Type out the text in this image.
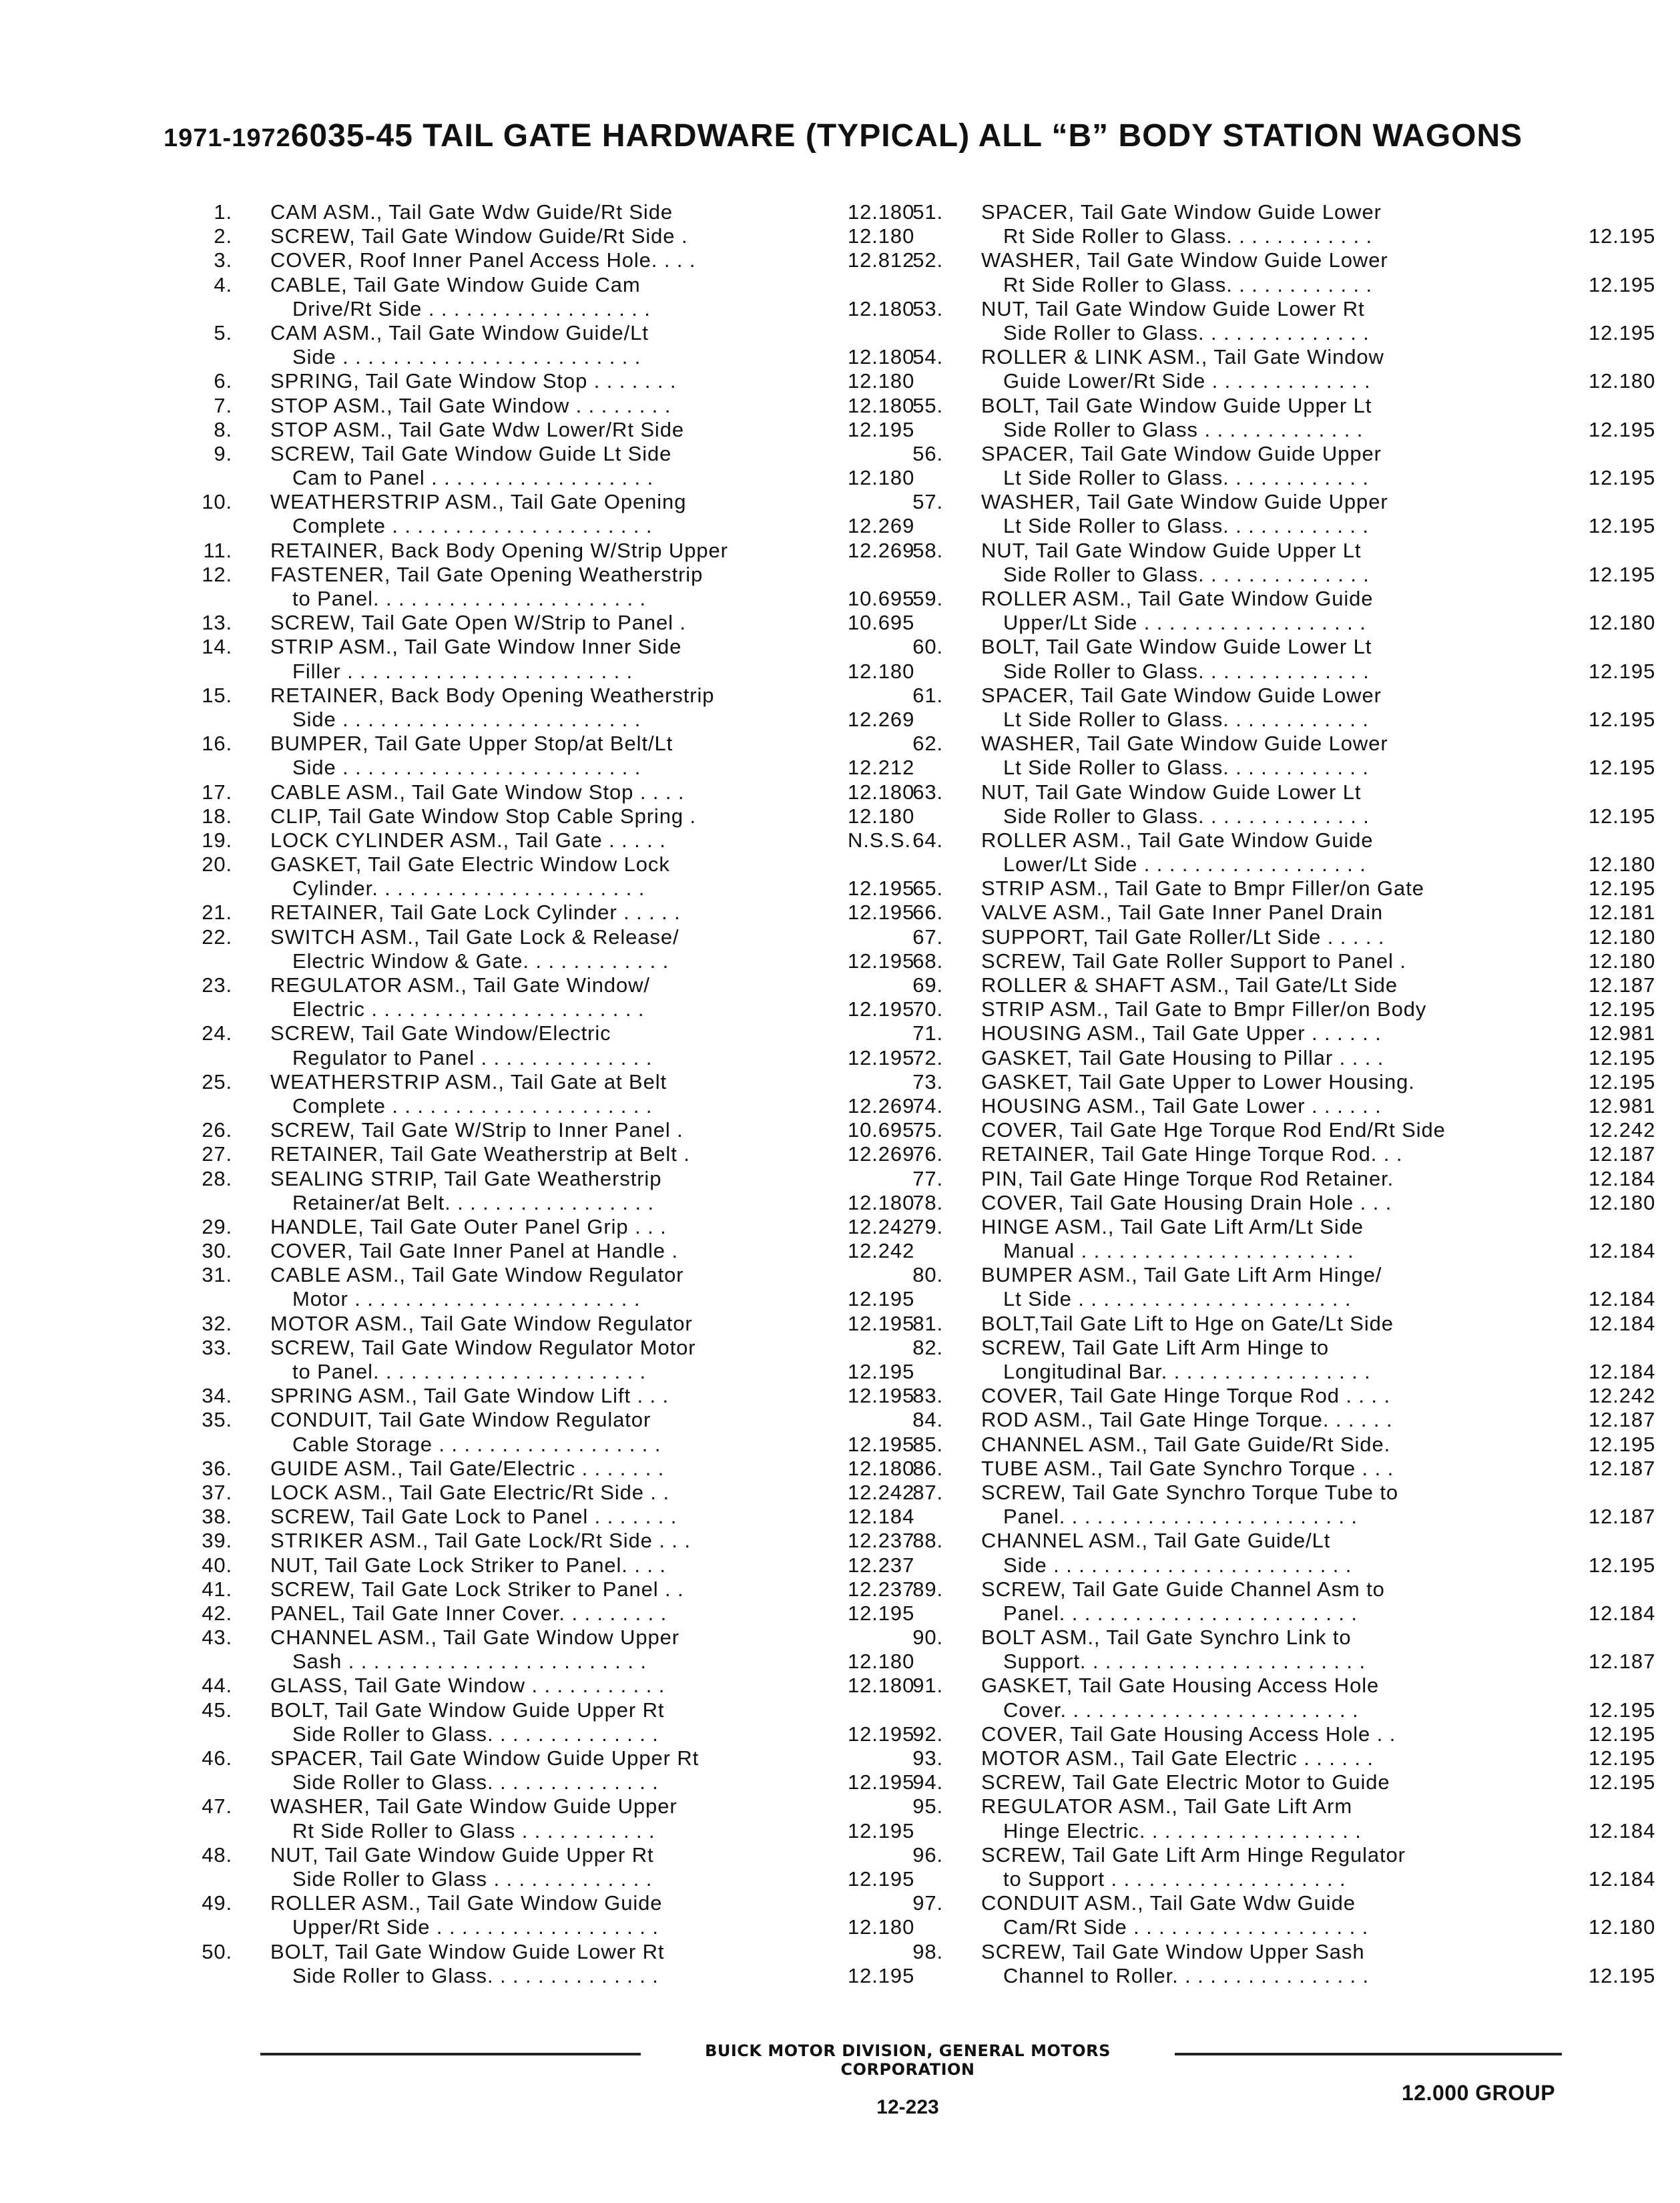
1971-19726035-45 TAIL GATE HARDWARE (TYPICAL) ALL “B” BODY STATION WAGONS
1. CAM ASM., Tail Gate Wdw Guide/Rt Side	12.180
2. SCREW, Tail Gate Window Guide/Rt Side .	12.180
3. COVER, Roof Inner Panel Access Hole. . . .	12.812
4. CABLE, Tail Gate Window Guide Cam
Drive/Rt Side . . . . . . . . . . . . . . . . . .	12.180
5. CAM ASM., Tail Gate Window Guide/Lt
Side . . . . . . . . . . . . . . . . . . . . . . . .	12.180
6. SPRING, Tail Gate Window Stop . . . . . . .	12.180
7. STOP ASM., Tail Gate Window . . . . . . . .	12.180
8. STOP ASM., Tail Gate Wdw Lower/Rt Side	12.195
9. SCREW, Tail Gate Window Guide Lt Side
Cam to Panel . . . . . . . . . . . . . . . . . .	12.180
10. WEATHERSTRIP ASM., Tail Gate Opening
Complete . . . . . . . . . . . . . . . . . . . . .	12.269
11. RETAINER, Back Body Opening W/Strip Upper	12.269
12. FASTENER, Tail Gate Opening Weatherstrip
to Panel. . . . . . . . . . . . . . . . . . . . . .	10.695
13. SCREW, Tail Gate Open W/Strip to Panel .	10.695
14. STRIP ASM., Tail Gate Window Inner Side
Filler . . . . . . . . . . . . . . . . . . . . . . .	12.180
15. RETAINER, Back Body Opening Weatherstrip
Side . . . . . . . . . . . . . . . . . . . . . . . .	12.269
16. BUMPER, Tail Gate Upper Stop/at Belt/Lt
Side . . . . . . . . . . . . . . . . . . . . . . . .	12.212
17. CABLE ASM., Tail Gate Window Stop . . . .	12.180
18. CLIP, Tail Gate Window Stop Cable Spring .	12.180
19. LOCK CYLINDER ASM., Tail Gate . . . . .	N.S.S.
20. GASKET, Tail Gate Electric Window Lock
Cylinder. . . . . . . . . . . . . . . . . . . . . .	12.195
21. RETAINER, Tail Gate Lock Cylinder . . . . .	12.195
22. SWITCH ASM., Tail Gate Lock & Release/
Electric Window & Gate. . . . . . . . . . . .	12.195
23. REGULATOR ASM., Tail Gate Window/
Electric . . . . . . . . . . . . . . . . . . . . . .	12.195
24. SCREW, Tail Gate Window/Electric
Regulator to Panel . . . . . . . . . . . . . .	12.195
25. WEATHERSTRIP ASM., Tail Gate at Belt
Complete . . . . . . . . . . . . . . . . . . . . .	12.269
26. SCREW, Tail Gate W/Strip to Inner Panel .	10.695
27. RETAINER, Tail Gate Weatherstrip at Belt .	12.269
28. SEALING STRIP, Tail Gate Weatherstrip
Retainer/at Belt. . . . . . . . . . . . . . . . .	12.180
29. HANDLE, Tail Gate Outer Panel Grip . . .	12.242
30. COVER, Tail Gate Inner Panel at Handle .	12.242
31. CABLE ASM., Tail Gate Window Regulator
Motor . . . . . . . . . . . . . . . . . . . . . . .	12.195
32. MOTOR ASM., Tail Gate Window Regulator	12.195
33. SCREW, Tail Gate Window Regulator Motor
to Panel. . . . . . . . . . . . . . . . . . . . . .	12.195
34. SPRING ASM., Tail Gate Window Lift . . .	12.195
35. CONDUIT, Tail Gate Window Regulator
Cable Storage . . . . . . . . . . . . . . . . . .	12.195
36. GUIDE ASM., Tail Gate/Electric . . . . . . .	12.180
37. LOCK ASM., Tail Gate Electric/Rt Side . .	12.242
38. SCREW, Tail Gate Lock to Panel . . . . . . .	12.184
39. STRIKER ASM., Tail Gate Lock/Rt Side . . .	12.237
40. NUT, Tail Gate Lock Striker to Panel. . . .	12.237
41. SCREW, Tail Gate Lock Striker to Panel . .	12.237
42. PANEL, Tail Gate Inner Cover. . . . . . . . .	12.195
43. CHANNEL ASM., Tail Gate Window Upper
Sash . . . . . . . . . . . . . . . . . . . . . . . .	12.180
44. GLASS, Tail Gate Window . . . . . . . . . . .	12.180
45. BOLT, Tail Gate Window Guide Upper Rt
Side Roller to Glass. . . . . . . . . . . . . .	12.195
46. SPACER, Tail Gate Window Guide Upper Rt
Side Roller to Glass. . . . . . . . . . . . . .	12.195
47. WASHER, Tail Gate Window Guide Upper
Rt Side Roller to Glass . . . . . . . . . . .	12.195
48. NUT, Tail Gate Window Guide Upper Rt
Side Roller to Glass . . . . . . . . . . . . .	12.195
49. ROLLER ASM., Tail Gate Window Guide
Upper/Rt Side . . . . . . . . . . . . . . . . . .	12.180
50. BOLT, Tail Gate Window Guide Lower Rt
Side Roller to Glass. . . . . . . . . . . . . .	12.195
51. SPACER, Tail Gate Window Guide Lower
Rt Side Roller to Glass. . . . . . . . . . . .	12.195
52. WASHER, Tail Gate Window Guide Lower
Rt Side Roller to Glass. . . . . . . . . . . .	12.195
53. NUT, Tail Gate Window Guide Lower Rt
Side Roller to Glass. . . . . . . . . . . . . .	12.195
54. ROLLER & LINK ASM., Tail Gate Window
Guide Lower/Rt Side . . . . . . . . . . . . .	12.180
55. BOLT, Tail Gate Window Guide Upper Lt
Side Roller to Glass . . . . . . . . . . . . .	12.195
56. SPACER, Tail Gate Window Guide Upper
Lt Side Roller to Glass. . . . . . . . . . . .	12.195
57. WASHER, Tail Gate Window Guide Upper
Lt Side Roller to Glass. . . . . . . . . . . .	12.195
58. NUT, Tail Gate Window Guide Upper Lt
Side Roller to Glass. . . . . . . . . . . . . .	12.195
59. ROLLER ASM., Tail Gate Window Guide
Upper/Lt Side . . . . . . . . . . . . . . . . . .	12.180
60. BOLT, Tail Gate Window Guide Lower Lt
Side Roller to Glass. . . . . . . . . . . . . .	12.195
61. SPACER, Tail Gate Window Guide Lower
Lt Side Roller to Glass. . . . . . . . . . . .	12.195
62. WASHER, Tail Gate Window Guide Lower
Lt Side Roller to Glass. . . . . . . . . . . .	12.195
63. NUT, Tail Gate Window Guide Lower Lt
Side Roller to Glass. . . . . . . . . . . . . .	12.195
64. ROLLER ASM., Tail Gate Window Guide
Lower/Lt Side . . . . . . . . . . . . . . . . . .	12.180
65. STRIP ASM., Tail Gate to Bmpr Filler/on Gate	12.195
66. VALVE ASM., Tail Gate Inner Panel Drain	12.181
67. SUPPORT, Tail Gate Roller/Lt Side . . . . .	12.180
68. SCREW, Tail Gate Roller Support to Panel .	12.180
69. ROLLER & SHAFT ASM., Tail Gate/Lt Side	12.187
70. STRIP ASM., Tail Gate to Bmpr Filler/on Body	12.195
71. HOUSING ASM., Tail Gate Upper . . . . . .	12.981
72. GASKET, Tail Gate Housing to Pillar . . . .	12.195
73. GASKET, Tail Gate Upper to Lower Housing.	12.195
74. HOUSING ASM., Tail Gate Lower . . . . . .	12.981
75. COVER, Tail Gate Hge Torque Rod End/Rt Side	12.242
76. RETAINER, Tail Gate Hinge Torque Rod. . .	12.187
77. PIN, Tail Gate Hinge Torque Rod Retainer.	12.184
78. COVER, Tail Gate Housing Drain Hole . . .	12.180
79. HINGE ASM., Tail Gate Lift Arm/Lt Side
Manual . . . . . . . . . . . . . . . . . . . . . .	12.184
80. BUMPER ASM., Tail Gate Lift Arm Hinge/
Lt Side . . . . . . . . . . . . . . . . . . . . . .	12.184
81. BOLT,Tail Gate Lift to Hge on Gate/Lt Side	12.184
82. SCREW, Tail Gate Lift Arm Hinge to
Longitudinal Bar. . . . . . . . . . . . . . . . .	12.184
83. COVER, Tail Gate Hinge Torque Rod . . . .	12.242
84. ROD ASM., Tail Gate Hinge Torque. . . . . .	12.187
85. CHANNEL ASM., Tail Gate Guide/Rt Side.	12.195
86. TUBE ASM., Tail Gate Synchro Torque . . .	12.187
87. SCREW, Tail Gate Synchro Torque Tube to
Panel. . . . . . . . . . . . . . . . . . . . . . . .	12.187
88. CHANNEL ASM., Tail Gate Guide/Lt
Side . . . . . . . . . . . . . . . . . . . . . . . .	12.195
89. SCREW, Tail Gate Guide Channel Asm to
Panel. . . . . . . . . . . . . . . . . . . . . . . .	12.184
90. BOLT ASM., Tail Gate Synchro Link to
Support. . . . . . . . . . . . . . . . . . . . . . .	12.187
91. GASKET, Tail Gate Housing Access Hole
Cover. . . . . . . . . . . . . . . . . . . . . . . .	12.195
92. COVER, Tail Gate Housing Access Hole . .	12.195
93. MOTOR ASM., Tail Gate Electric . . . . . .	12.195
94. SCREW, Tail Gate Electric Motor to Guide	12.195
95. REGULATOR ASM., Tail Gate Lift Arm
Hinge Electric. . . . . . . . . . . . . . . . . .	12.184
96. SCREW, Tail Gate Lift Arm Hinge Regulator
to Support . . . . . . . . . . . . . . . . . . .	12.184
97. CONDUIT ASM., Tail Gate Wdw Guide
Cam/Rt Side . . . . . . . . . . . . . . . . . . .	12.180
98. SCREW, Tail Gate Window Upper Sash
Channel to Roller. . . . . . . . . . . . . . . .	12.195
BUICK MOTOR DIVISION, GENERAL MOTORS CORPORATION
12-223
12.000 GROUP
